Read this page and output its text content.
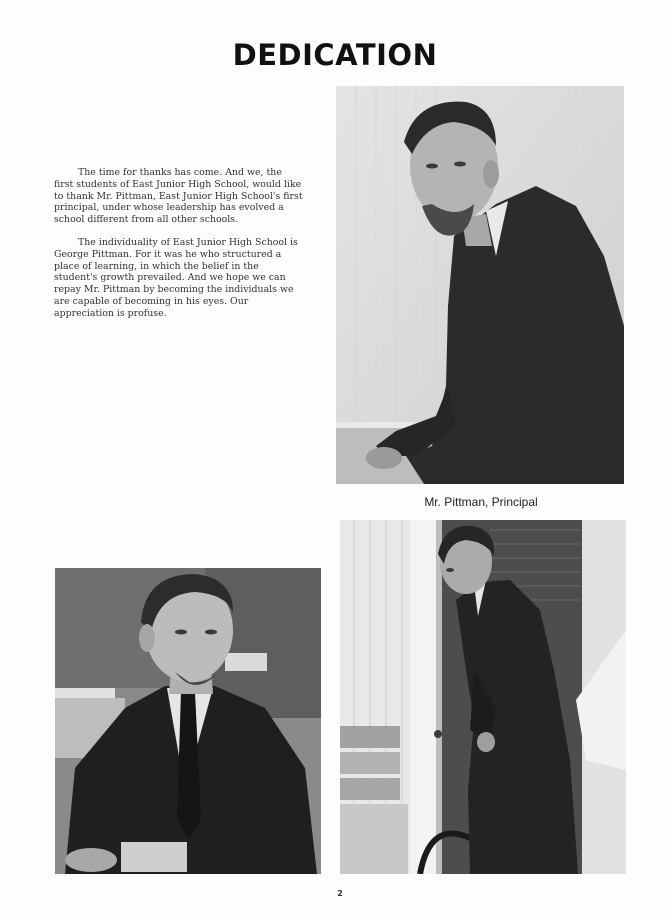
DEDICATION

The time for thanks has come. And we, the first students of East Junior High School, would like to thank Mr. Pittman, East Junior High School's first principal, under whose leadership has evolved a school different from all other schools.

The individuality of East Junior High School is George Pittman. For it was he who structured a place of learning, in which the belief in the student's growth prevailed. And we hope we can repay Mr. Pittman by becoming the individuals we are capable of becoming in his eyes. Our appreciation is profuse.

Mr. Pittman, Principal
2
